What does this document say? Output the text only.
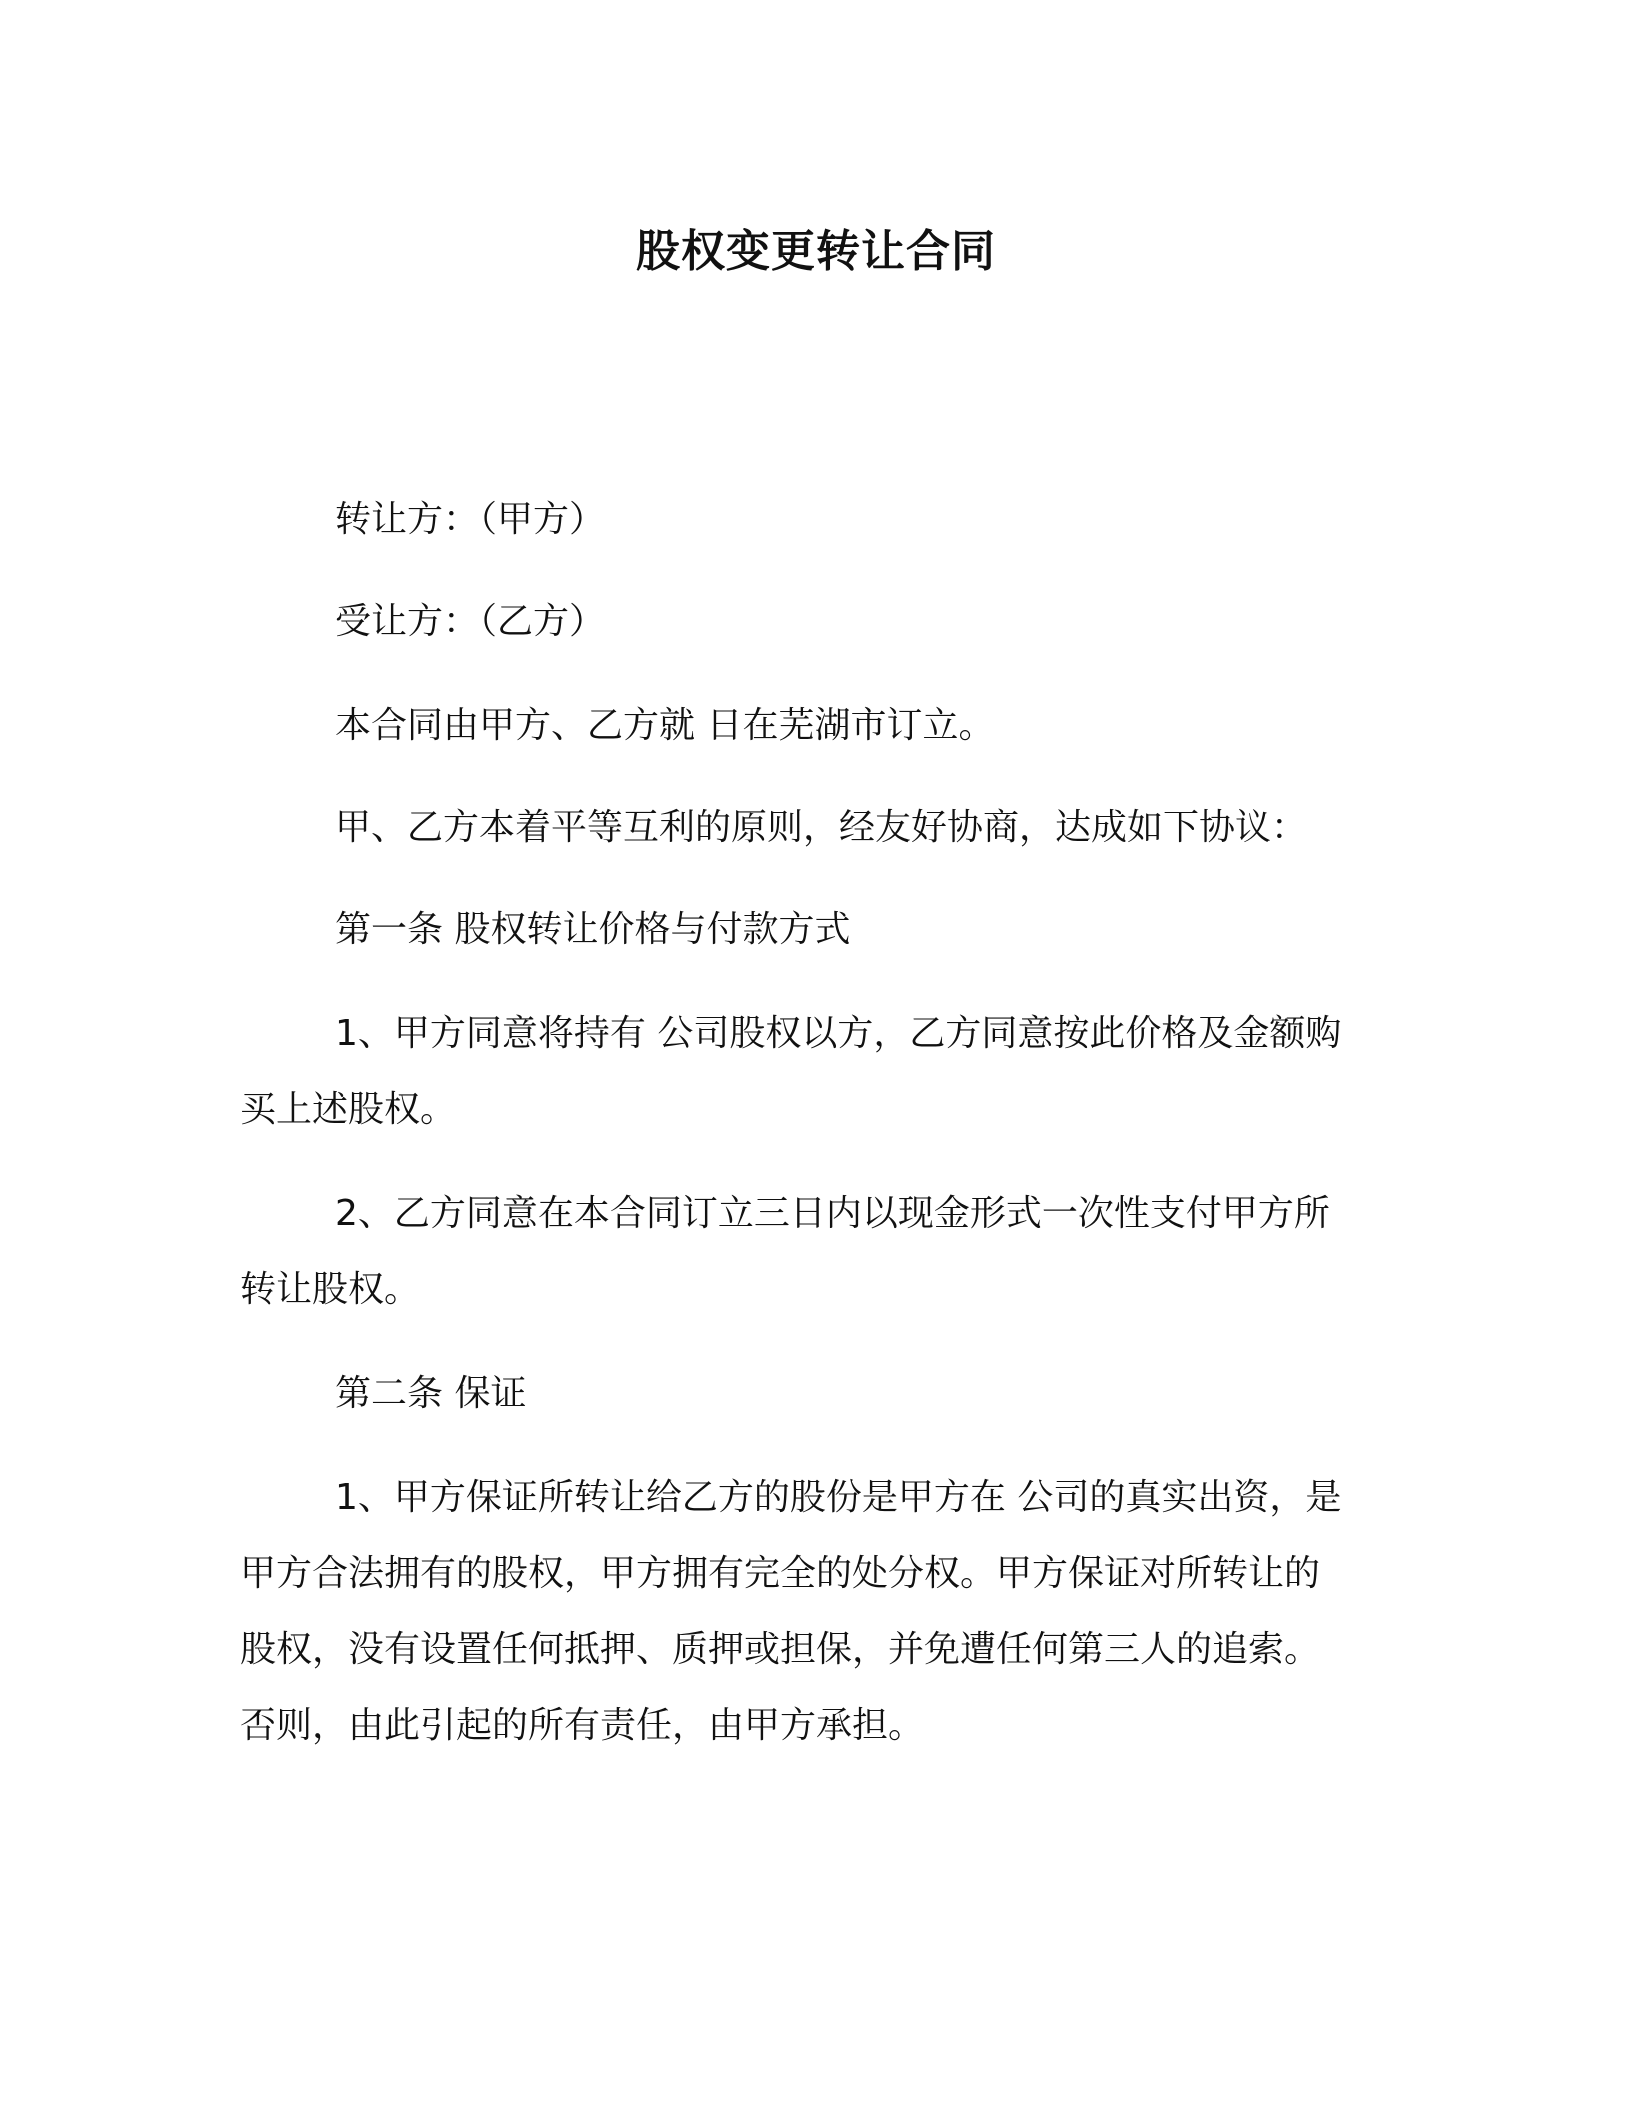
股权变更转让合同
转让方：（甲方）
受让方：（乙方）
本合同由甲方、乙方就 日在芜湖市订立。
甲、乙方本着平等互利的原则，经友好协商，达成如下协议：
第一条 股权转让价格与付款方式
1、甲方同意将持有 公司股权以方，乙方同意按此价格及金额购
买上述股权。
2、乙方同意在本合同订立三日内以现金形式一次性支付甲方所
转让股权。
第二条 保证
1、甲方保证所转让给乙方的股份是甲方在 公司的真实出资，是
甲方合法拥有的股权，甲方拥有完全的处分权。甲方保证对所转让的
股权，没有设置任何抵押、质押或担保，并免遭任何第三人的追索。
否则，由此引起的所有责任，由甲方承担。
